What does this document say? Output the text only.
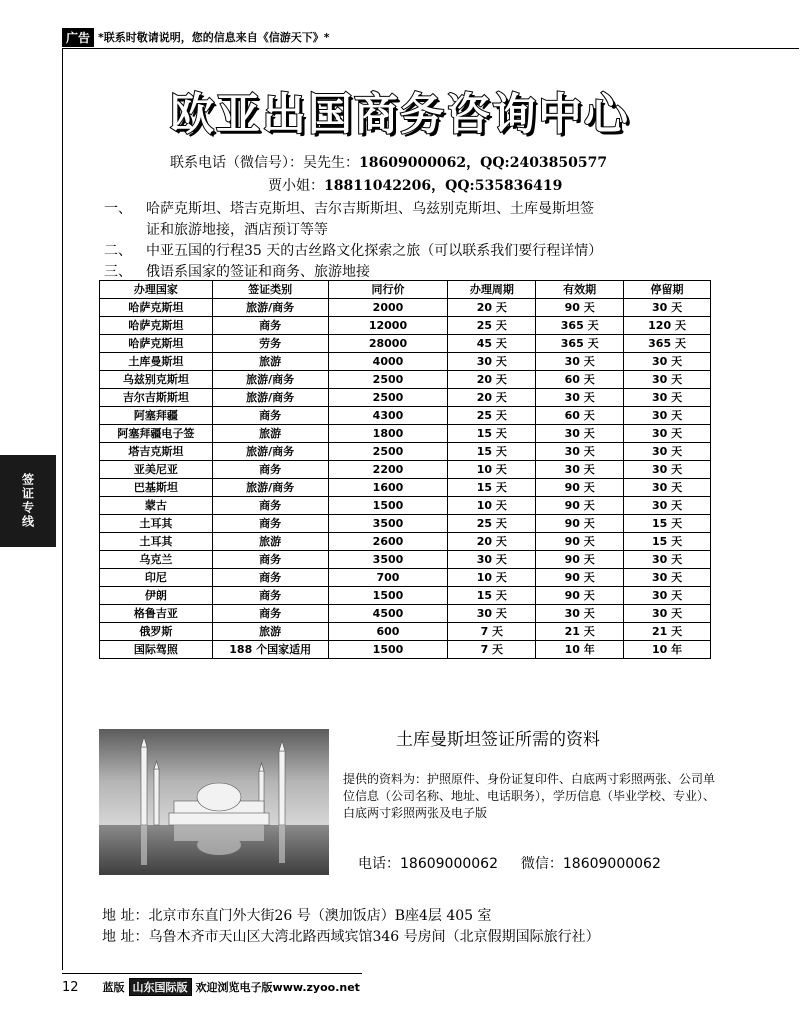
广告 *联系时敬请说明，您的信息来自《信游天下》*
签证专线
欧亚出国商务咨询中心
联系电话（微信号）：吴先生：18609000062，QQ:2403850577
贾小姐：18811042206，QQ:535836419
一、 哈萨克斯坦、塔吉克斯坦、吉尔吉斯斯坦、乌兹别克斯坦、土库曼斯坦签
证和旅游地接，酒店预订等等
二、 中亚五国的行程35 天的古丝路文化探索之旅（可以联系我们要行程详情）
三、 俄语系国家的签证和商务、旅游地接
办理国家	签证类别	同行价	办理周期	有效期	停留期
哈萨克斯坦	旅游/商务	2000	20 天	90 天	30 天
哈萨克斯坦	商务	12000	25 天	365 天	120 天
哈萨克斯坦	劳务	28000	45 天	365 天	365 天
土库曼斯坦	旅游	4000	30 天	30 天	30 天
乌兹别克斯坦	旅游/商务	2500	20 天	60 天	30 天
吉尔吉斯斯坦	旅游/商务	2500	20 天	30 天	30 天
阿塞拜疆	商务	4300	25 天	60 天	30 天
阿塞拜疆电子签	旅游	1800	15 天	30 天	30 天
塔吉克斯坦	旅游/商务	2500	15 天	30 天	30 天
亚美尼亚	商务	2200	10 天	30 天	30 天
巴基斯坦	旅游/商务	1600	15 天	90 天	30 天
蒙古	商务	1500	10 天	90 天	30 天
土耳其	商务	3500	25 天	90 天	15 天
土耳其	旅游	2600	20 天	90 天	15 天
乌克兰	商务	3500	30 天	90 天	30 天
印尼	商务	700	10 天	90 天	30 天
伊朗	商务	1500	15 天	90 天	30 天
格鲁吉亚	商务	4500	30 天	30 天	30 天
俄罗斯	旅游	600	7 天	21 天	21 天
国际驾照	188 个国家适用	1500	7 天	10 年	10 年
土库曼斯坦签证所需的资料
提供的资料为：护照原件、身份证复印件、白底两寸彩照两张、公司单位信息（公司名称、地址、电话职务），学历信息（毕业学校、专业）、白底两寸彩照两张及电子版
电话：18609000062 微信：18609000062
地 址：北京市东直门外大街26 号（澳加饭店）B座4层 405 室
地 址：乌鲁木齐市天山区大湾北路西域宾馆346 号房间（北京假期国际旅行社）
12 蓝版 山东国际版 欢迎浏览电子版www.zyoo.net
